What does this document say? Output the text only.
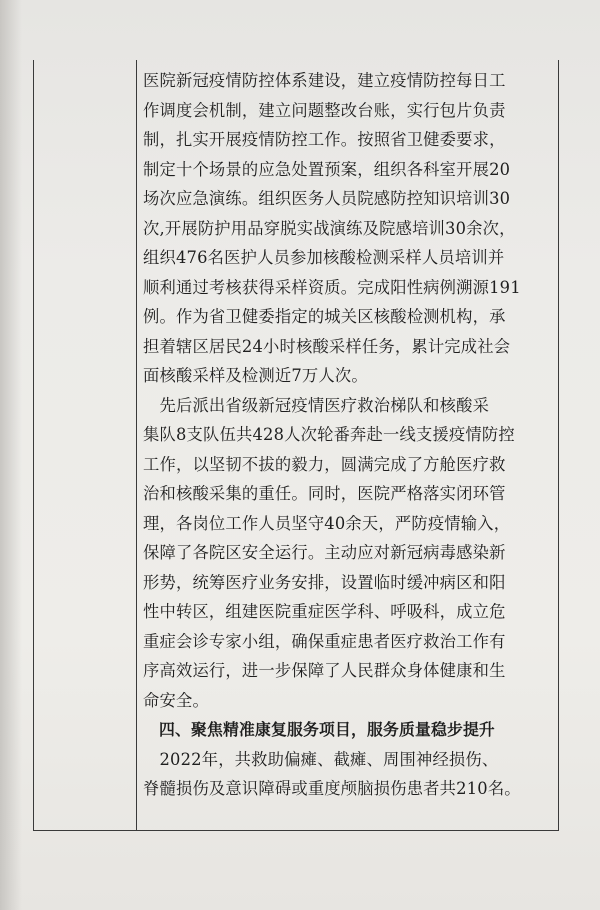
医院新冠疫情防控体系建设，建立疫情防控每日工
作调度会机制，建立问题整改台账，实行包片负责
制，扎实开展疫情防控工作。按照省卫健委要求，
制定十个场景的应急处置预案，组织各科室开展20
场次应急演练。组织医务人员院感防控知识培训30
次,开展防护用品穿脱实战演练及院感培训30余次，
组织476名医护人员参加核酸检测采样人员培训并
顺利通过考核获得采样资质。完成阳性病例溯源191
例。作为省卫健委指定的城关区核酸检测机构，承
担着辖区居民24小时核酸采样任务，累计完成社会
面核酸采样及检测近7万人次。
　先后派出省级新冠疫情医疗救治梯队和核酸采
集队8支队伍共428人次轮番奔赴一线支援疫情防控
工作，以坚韧不拔的毅力，圆满完成了方舱医疗救
治和核酸采集的重任。同时，医院严格落实闭环管
理，各岗位工作人员坚守40余天，严防疫情输入，
保障了各院区安全运行。主动应对新冠病毒感染新
形势，统筹医疗业务安排，设置临时缓冲病区和阳
性中转区，组建医院重症医学科、呼吸科，成立危
重症会诊专家小组，确保重症患者医疗救治工作有
序高效运行，进一步保障了人民群众身体健康和生
命安全。
　四、聚焦精准康复服务项目，服务质量稳步提升
　2022年，共救助偏瘫、截瘫、周围神经损伤、
脊髓损伤及意识障碍或重度颅脑损伤患者共210名。
